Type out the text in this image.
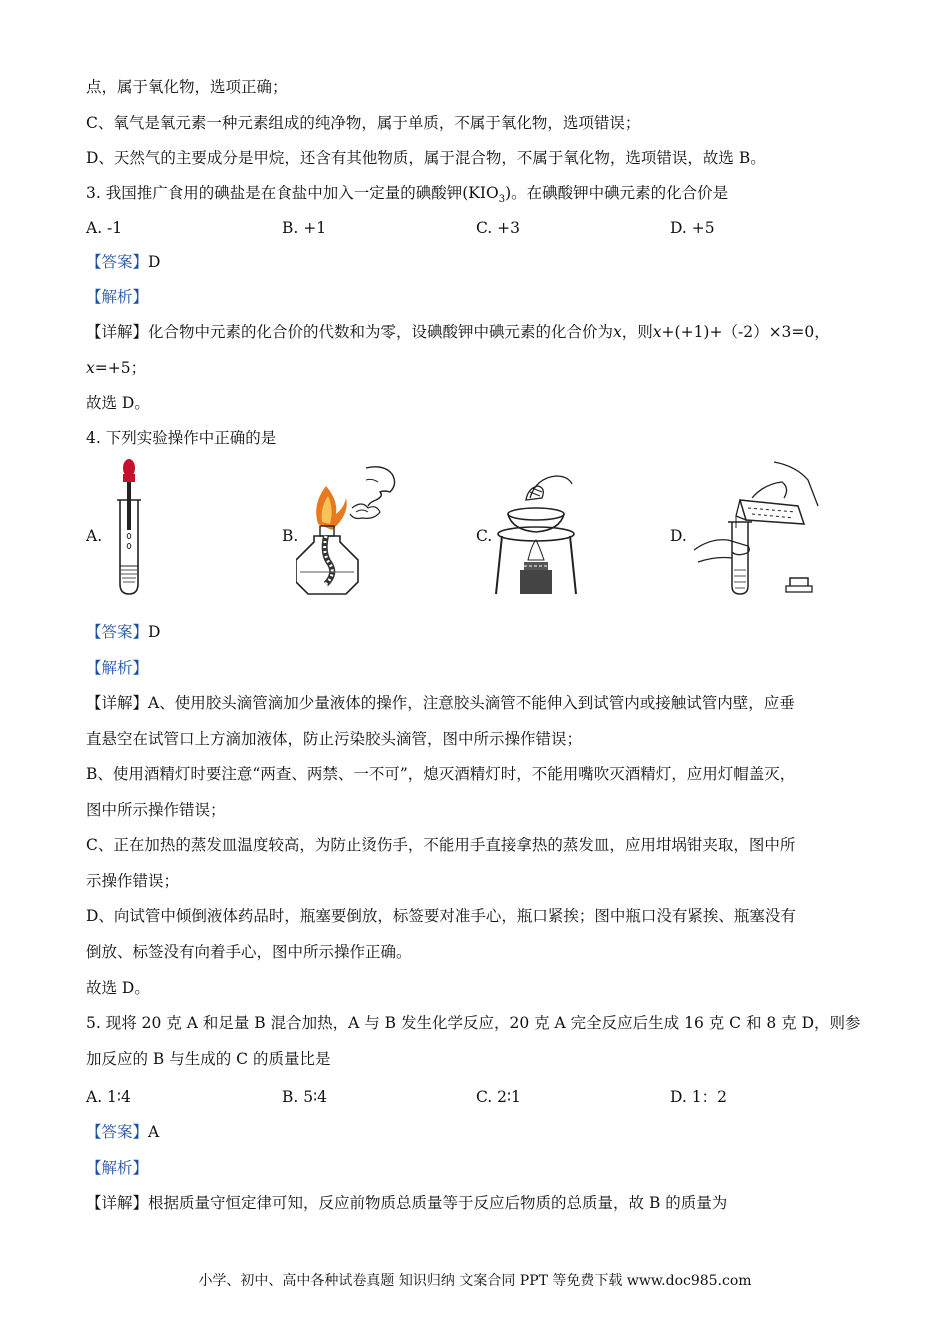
点，属于氧化物，选项正确；
C、氧气是氧元素一种元素组成的纯净物，属于单质，不属于氧化物，选项错误；
D、天然气的主要成分是甲烷，还含有其他物质，属于混合物，不属于氧化物，选项错误，故选 B。
3. 我国推广食用的碘盐是在食盐中加入一定量的碘酸钾$(KIO_3)$。在碘酸钾中碘元素的化合价是
A. -1	B. +1	C. +3	D. +5
【答案】D
【解析】
【详解】化合物中元素的化合价的代数和为零，设碘酸钾中碘元素的化合价为x，则x+(+1)+（-2）×3=0，
x=+5；
故选 D。
4. 下列实验操作中正确的是
A.	B.	C.	D.
【答案】D
【解析】
【详解】A、使用胶头滴管滴加少量液体的操作，注意胶头滴管不能伸入到试管内或接触试管内壁，应垂
直悬空在试管口上方滴加液体，防止污染胶头滴管，图中所示操作错误；
B、使用酒精灯时要注意“两查、两禁、一不可”，熄灭酒精灯时，不能用嘴吹灭酒精灯，应用灯帽盖灭，
图中所示操作错误；
C、正在加热的蒸发皿温度较高，为防止烫伤手，不能用手直接拿热的蒸发皿，应用坩埚钳夹取，图中所
示操作错误；
D、向试管中倾倒液体药品时，瓶塞要倒放，标签要对准手心，瓶口紧挨；图中瓶口没有紧挨、瓶塞没有
倒放、标签没有向着手心，图中所示操作正确。
故选 D。
5. 现将 20 克 A 和足量 B 混合加热，A 与 B 发生化学反应，20 克 A 完全反应后生成 16 克 C 和 8 克 D，则参
加反应的 B 与生成的 C 的质量比是
A. 1∶4	B. 5∶4	C. 2∶1	D. 1：2
【答案】A
【解析】
【详解】根据质量守恒定律可知，反应前物质总质量等于反应后物质的总质量，故 B 的质量为
小学、初中、高中各种试卷真题 知识归纳 文案合同 PPT 等免费下载 www.doc985.com
